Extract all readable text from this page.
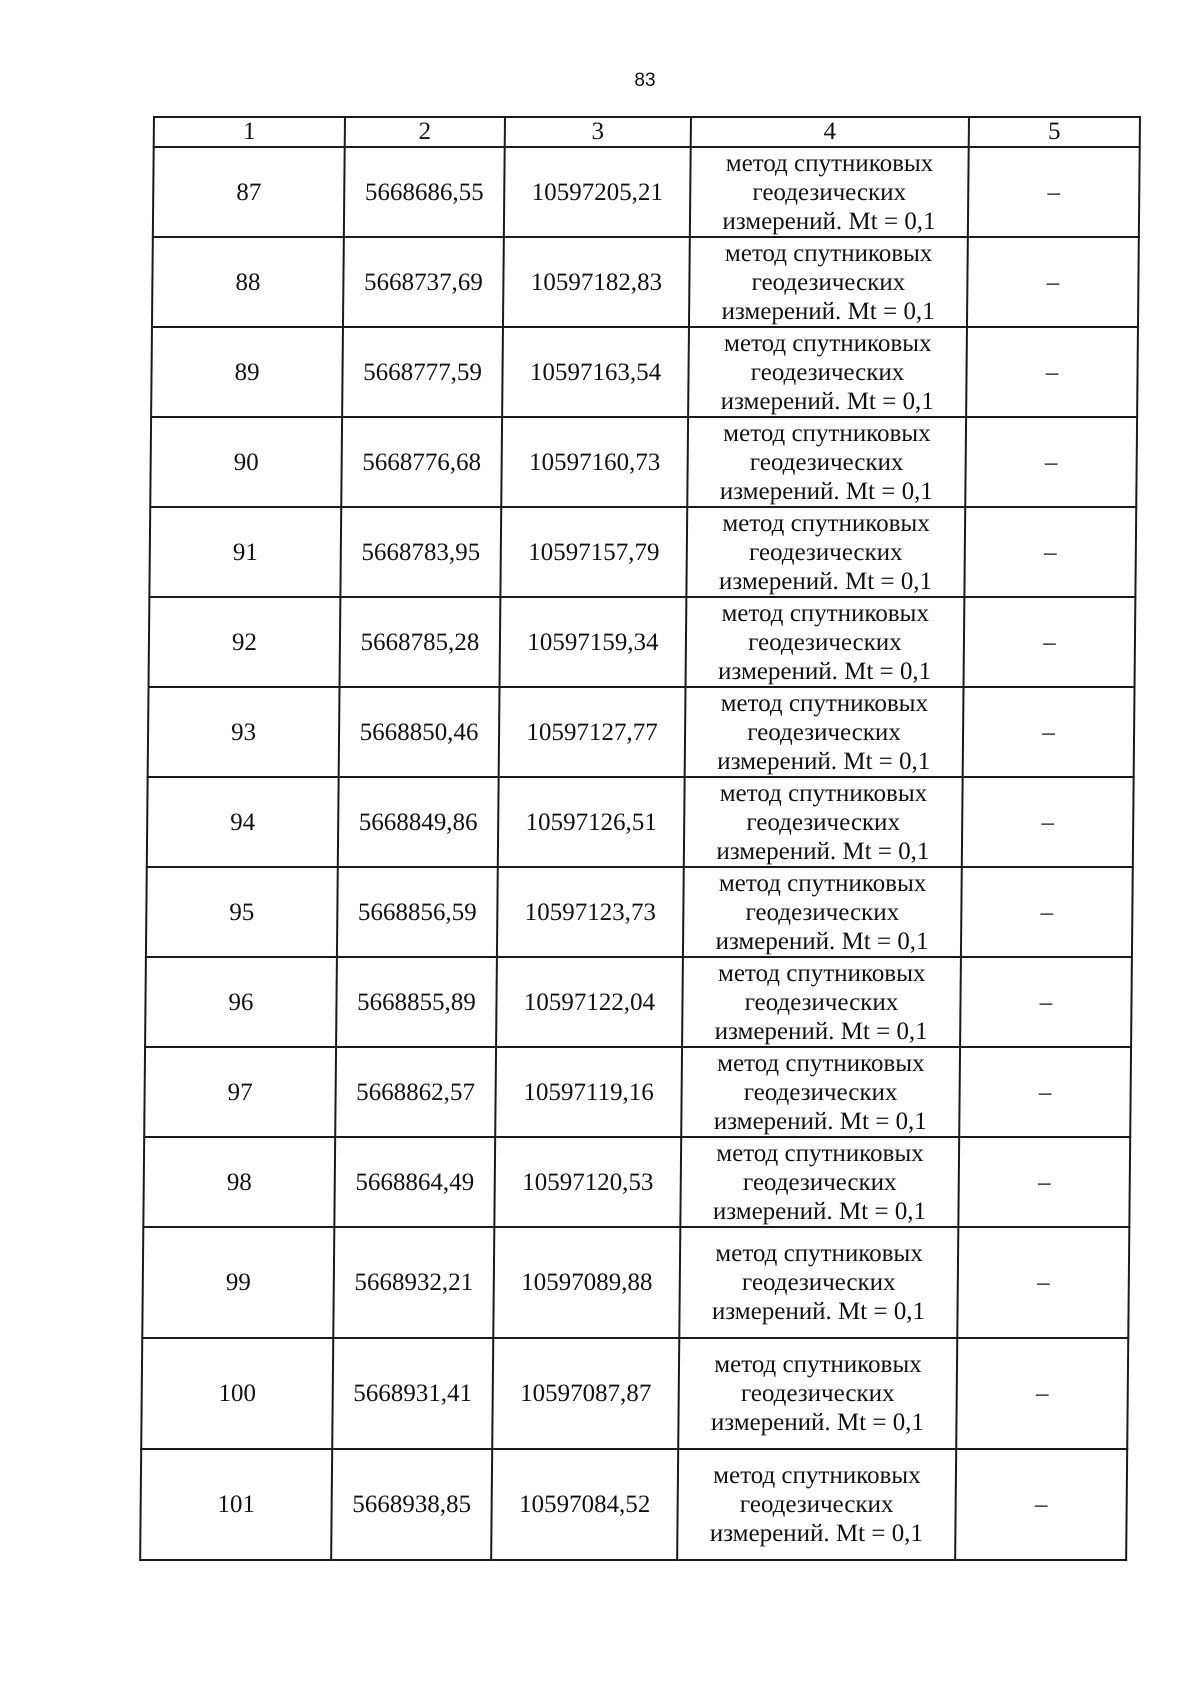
83
1	2	3	4	5
87	5668686,55	10597205,21	метод спутниковых геодезических измерений. Mt = 0,1	–
88	5668737,69	10597182,83	метод спутниковых геодезических измерений. Mt = 0,1	–
89	5668777,59	10597163,54	метод спутниковых геодезических измерений. Mt = 0,1	–
90	5668776,68	10597160,73	метод спутниковых геодезических измерений. Mt = 0,1	–
91	5668783,95	10597157,79	метод спутниковых геодезических измерений. Mt = 0,1	–
92	5668785,28	10597159,34	метод спутниковых геодезических измерений. Mt = 0,1	–
93	5668850,46	10597127,77	метод спутниковых геодезических измерений. Mt = 0,1	–
94	5668849,86	10597126,51	метод спутниковых геодезических измерений. Mt = 0,1	–
95	5668856,59	10597123,73	метод спутниковых геодезических измерений. Mt = 0,1	–
96	5668855,89	10597122,04	метод спутниковых геодезических измерений. Mt = 0,1	–
97	5668862,57	10597119,16	метод спутниковых геодезических измерений. Mt = 0,1	–
98	5668864,49	10597120,53	метод спутниковых геодезических измерений. Mt = 0,1	–
99	5668932,21	10597089,88	метод спутниковых геодезических измерений. Mt = 0,1	–
100	5668931,41	10597087,87	метод спутниковых геодезических измерений. Mt = 0,1	–
101	5668938,85	10597084,52	метод спутниковых геодезических измерений. Mt = 0,1	–
